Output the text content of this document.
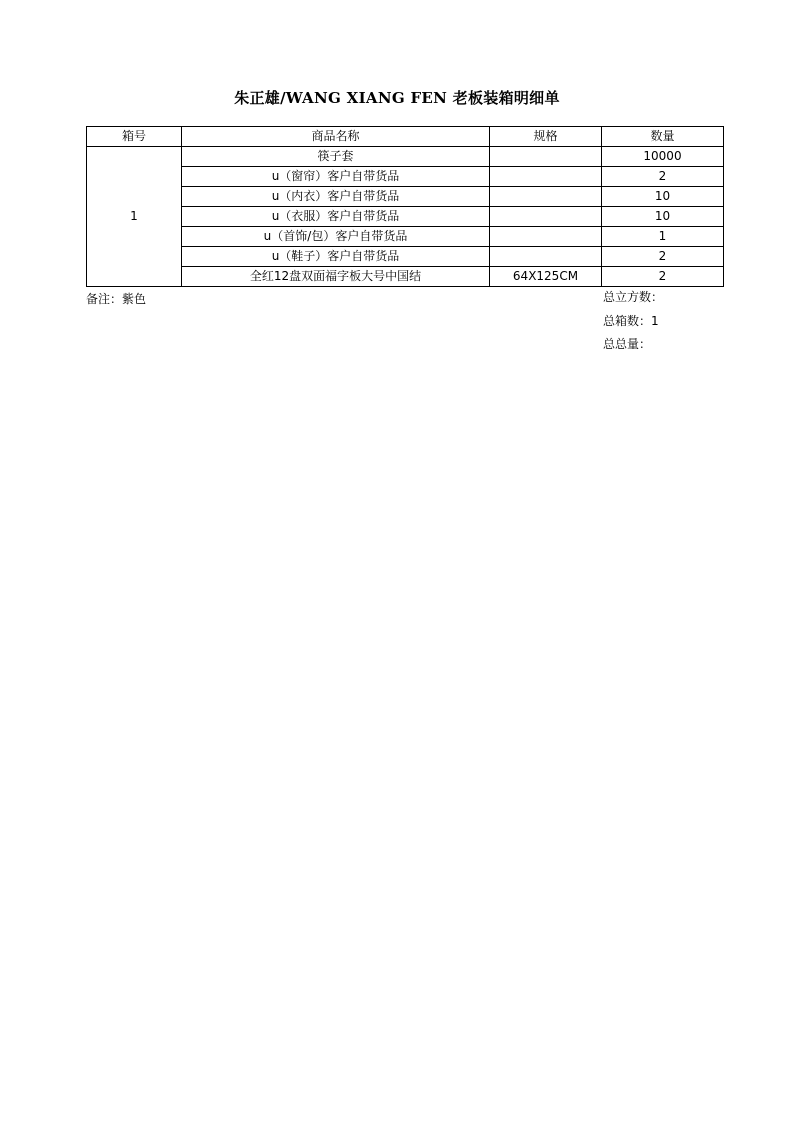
朱正雄/WANG XIANG FEN 老板装箱明细单
箱号	商品名称	规格	数量
1	筷子套		10000
	u（窗帘）客户自带货品		2
	u（内衣）客户自带货品		10
	u（衣服）客户自带货品		10
	u（首饰/包）客户自带货品		1
	u（鞋子）客户自带货品		2
	全红12盘双面福字板大号中国结	64X125CM	2
备注：紫色	总立方数：
总箱数：1
总总量：
